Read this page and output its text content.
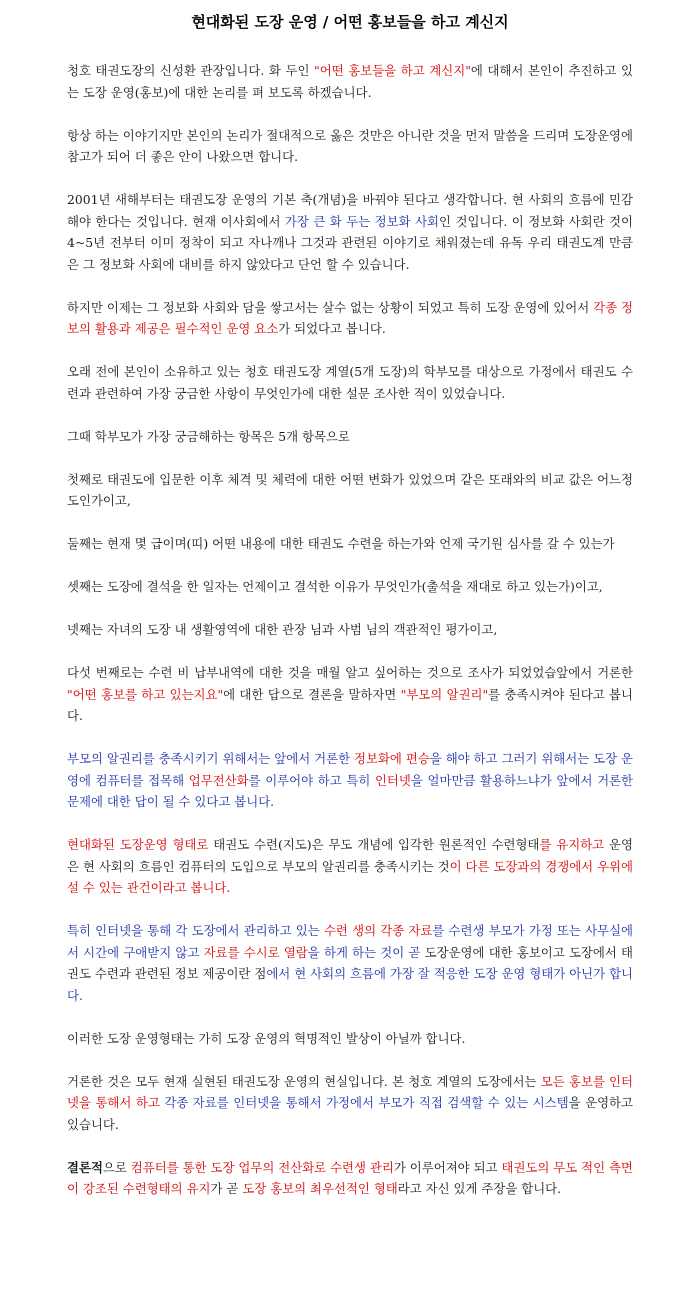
현대화된 도장 운영 / 어떤 홍보들을 하고 계신지

청호 태권도장의 신성환 관장입니다. 화 두인 "어떤 홍보들을 하고 계신지"에 대해서 본인이 추진하고 있는 도장 운영(홍보)에 대한 논리를 펴 보도록 하겠습니다.

항상 하는 이야기지만 본인의 논리가 절대적으로 옳은 것만은 아니란 것을 먼저 말씀을 드리며 도장운영에 참고가 되어 더 좋은 안이 나왔으면 합니다.

2001년 새해부터는 태권도장 운영의 기본 축(개념)을 바꿔야 된다고 생각합니다. 현 사회의 흐름에 민감해야 한다는 것입니다. 현재 이사회에서 가장 큰 화 두는 정보화 사회인 것입니다. 이 정보화 사회란 것이 4~5년 전부터 이미 정착이 되고 자나깨나 그것과 관련된 이야기로 채워졌는데 유독 우리 태권도계 만큼은 그 정보화 사회에 대비를 하지 않았다고 단언 할 수 있습니다.

하지만 이제는 그 정보화 사회와 담을 쌓고서는 살수 없는 상황이 되었고 특히 도장 운영에 있어서 각종 정보의 활용과 제공은 필수적인 운영 요소가 되었다고 봅니다.

오래 전에 본인이 소유하고 있는 청호 태권도장 계열(5개 도장)의 학부모를 대상으로 가정에서 태권도 수련과 관련하여 가장 궁금한 사항이 무엇인가에 대한 설문 조사한 적이 있었습니다.

그때 학부모가 가장 궁금해하는 항목은 5개 항목으로

첫째로 태권도에 입문한 이후 체격 및 체력에 대한 어떤 변화가 있었으며 같은 또래와의 비교 값은 어느정도인가이고,

둘째는 현재 몇 급이며(띠) 어떤 내용에 대한 태권도 수련을 하는가와 언제 국기원 심사를 갈 수 있는가

셋째는 도장에 결석을 한 일자는 언제이고 결석한 이유가 무엇인가(출석을 재대로 하고 있는가)이고,

넷째는 자녀의 도장 내 생활영역에 대한 관장 님과 사범 님의 객관적인 평가이고,

다섯 번째로는 수련 비 납부내역에 대한 것을 매월 알고 싶어하는 것으로 조사가 되었었습앞에서 거론한 "어떤 홍보를 하고 있는지요"에 대한 답으로 결론을 말하자면 "부모의 알권리"를 충족시켜야 된다고 봅니다.

부모의 알권리를 충족시키기 위해서는 앞에서 거론한 정보화에 편승을 해야 하고 그러기 위해서는 도장 운영에 컴퓨터를 접목해 업무전산화를 이루어야 하고 특히 인터넷을 얼마만큼 활용하느냐가 앞에서 거론한 문제에 대한 답이 될 수 있다고 봅니다.

현대화된 도장운영 형태로 태권도 수련(지도)은 무도 개념에 입각한 원론적인 수련형태를 유지하고 운영은 현 사회의 흐름인 컴퓨터의 도입으로 부모의 알권리를 충족시키는 것이 다른 도장과의 경쟁에서 우위에 설 수 있는 관건이라고 봅니다.

특히 인터넷을 통해 각 도장에서 관리하고 있는 수련 생의 각종 자료를 수련생 부모가 가정 또는 사무실에서 시간에 구애받지 않고 자료를 수시로 열람을 하게 하는 것이 곧 도장운영에 대한 홍보이고 도장에서 태권도 수련과 관련된 정보 제공이란 점에서 현 사회의 흐름에 가장 잘 적응한 도장 운영 형태가 아닌가 합니다.

이러한 도장 운영형태는 가히 도장 운영의 혁명적인 발상이 아닐까 합니다.

거론한 것은 모두 현재 실현된 태권도장 운영의 현실입니다. 본 청호 계열의 도장에서는 모든 홍보를 인터넷을 통해서 하고 각종 자료를 인터넷을 통해서 가정에서 부모가 직접 검색할 수 있는 시스템을 운영하고 있습니다.

결론적으로 컴퓨터를 통한 도장 업무의 전산화로 수련생 관리가 이루어져야 되고 태권도의 무도 적인 측면이 강조된 수련형태의 유지가 곧 도장 홍보의 최우선적인 형태라고 자신 있게 주장을 합니다.
